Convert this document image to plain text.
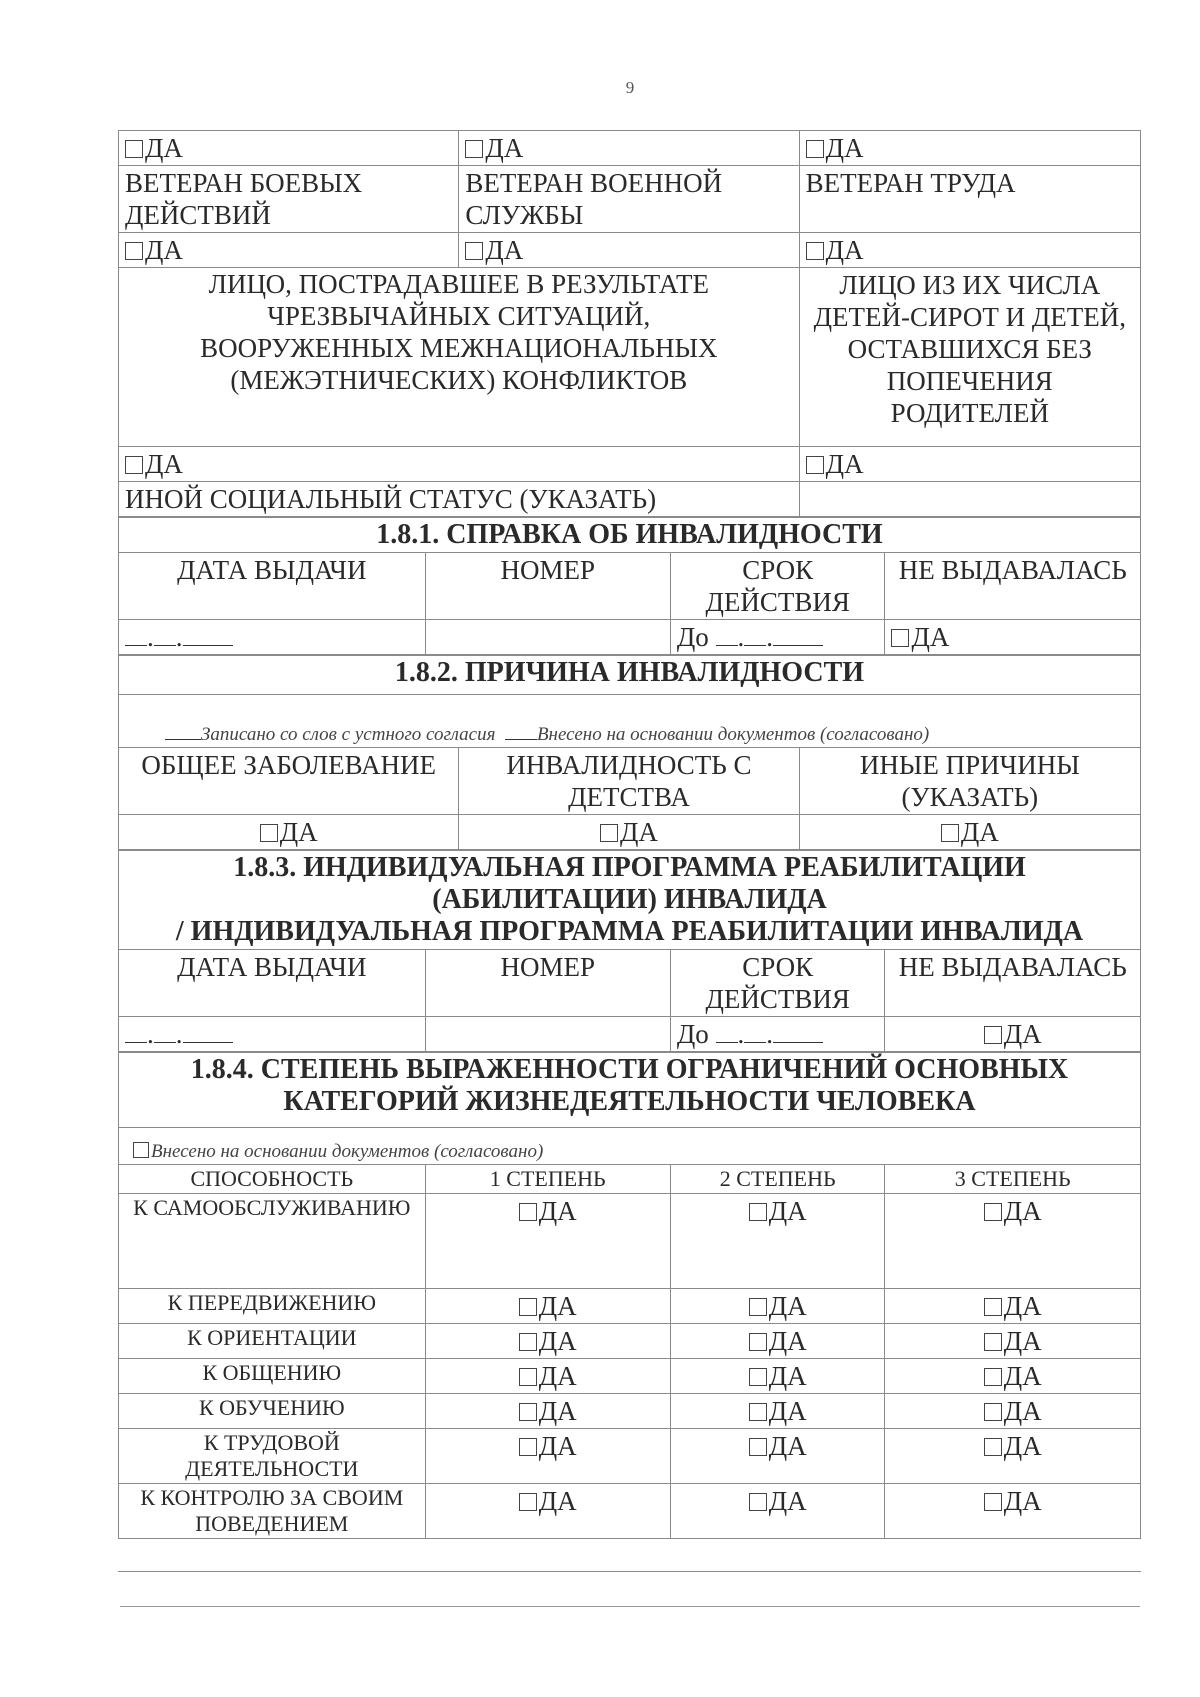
9
ДА	ДА	ДА
ВЕТЕРАН БОЕВЫХ ДЕЙСТВИЙ	ВЕТЕРАН ВОЕННОЙ СЛУЖБЫ	ВЕТЕРАН ТРУДА
ДА	ДА	ДА
ЛИЦО, ПОСТРАДАВШЕЕ В РЕЗУЛЬТАТЕ ЧРЕЗВЫЧАЙНЫХ СИТУАЦИЙ, ВООРУЖЕННЫХ МЕЖНАЦИОНАЛЬНЫХ (МЕЖЭТНИЧЕСКИХ) КОНФЛИКТОВ		ЛИЦО ИЗ ИХ ЧИСЛА ДЕТЕЙ-СИРОТ И ДЕТЕЙ, ОСТАВШИХСЯ БЕЗ ПОПЕЧЕНИЯ РОДИТЕЛЕЙ
ДА		ДА
ИНОЙ СОЦИАЛЬНЫЙ СТАТУС (УКАЗАТЬ)		
1.8.1. СПРАВКА ОБ ИНВАЛИДНОСТИ			
ДАТА ВЫДАЧИ	НОМЕР	СРОК ДЕЙСТВИЯ	НЕ ВЫДАВАЛАСЬ
. .		До . .	ДА
1.8.2. ПРИЧИНА ИНВАЛИДНОСТИ		
Записано со слов с устного согласия Внесено на основании документов (согласовано)		
ОБЩЕЕ ЗАБОЛЕВАНИЕ	ИНВАЛИДНОСТЬ С ДЕТСТВА	ИНЫЕ ПРИЧИНЫ (УКАЗАТЬ)
ДА	ДА	ДА
1.8.3. ИНДИВИДУАЛЬНАЯ ПРОГРАММА РЕАБИЛИТАЦИИ
(АБИЛИТАЦИИ) ИНВАЛИДА
/ ИНДИВИДУАЛЬНАЯ ПРОГРАММА РЕАБИЛИТАЦИИ ИНВАЛИДА			

ДАТА ВЫДАЧИ	НОМЕР	СРОК ДЕЙСТВИЯ	НЕ ВЫДАВАЛАСЬ
. .		До . .	ДА
1.8.4. СТЕПЕНЬ ВЫРАЖЕННОСТИ ОГРАНИЧЕНИЙ ОСНОВНЫХ
КАТЕГОРИЙ ЖИЗНЕДЕЯТЕЛЬНОСТИ ЧЕЛОВЕКА			

Внесено на основании документов (согласовано)			
СПОСОБНОСТЬ	1 СТЕПЕНЬ	2 СТЕПЕНЬ	3 СТЕПЕНЬ
К САМООБСЛУЖИВАНИЮ	ДА	ДА	ДА
К ПЕРЕДВИЖЕНИЮ	ДА	ДА	ДА
К ОРИЕНТАЦИИ	ДА	ДА	ДА
К ОБЩЕНИЮ	ДА	ДА	ДА
К ОБУЧЕНИЮ	ДА	ДА	ДА
К ТРУДОВОЙ ДЕЯТЕЛЬНОСТИ	ДА	ДА	ДА
К КОНТРОЛЮ ЗА СВОИМ ПОВЕДЕНИЕМ	ДА	ДА	ДА
